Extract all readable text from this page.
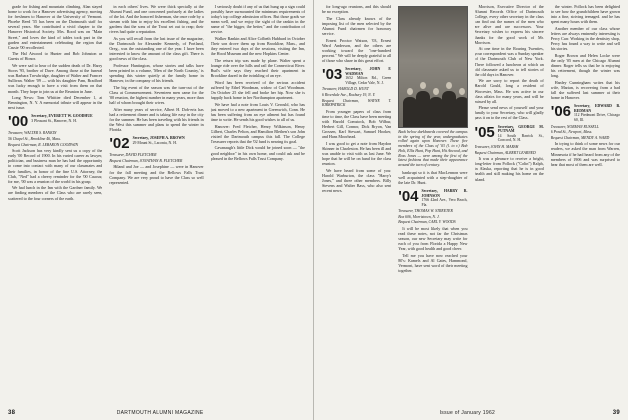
grade for fishing and mountain climbing. Alan stayed home to work for a Hanover advertising agency, moving for freshmen to Hanover at the University of Vermont. Phoebe Reed '55 has been on the Dartmouth staff for several years. She contributed a vivid chapter to the Hanover Historical Society. Mrs. Rood was on "Main Street," and loves the kind of tables took part in the garden and entertainment celebrating the region that Cassie '00 recollected.

The Hal Atwood to Hunter and Bob Johnston as Guests of Honor.

We were sad to hear of the sudden death of Dr. Harry Storrs '95, brother of Dave. Among those at the funeral was Barbara Trowbridge, daughter of Walter and Frances Sullivan. Walter '09 — with his daughter Pam, Bradford was lucky enough to have a visit from them on that month. They hope to join us at the Reunion in June.

Long News: Tom Whittier died December 1, at Bennington, N. Y. A memorial tribute will appear in the next issue.

'00 Secretary, EVERETT W. GOODHUE
3 Pleasant St., Hanover, N. H.
Treasurer, WALTER S. RANKIN
56 Chapel St., Brookline 46, Mass.
Bequest Chairman, R. LEBARON GOODWIN

Scott Jackson has very kindly sent us a copy of the early '00 Record of 1900. In his varied career as lawyer, politician, and business man he has had the opportunity to come into contact with many of our classmates and their families, in honor of the fine U.S. Attorney, the Club, "Ned" had a cheery reminder for the '00 Caucus; for me, '00 was a reunion of the world in his grasp.

We had lunch in the Inn with the Gardner family. We are finding members of the Class who are rarely seen, scattered to the four corners of the earth.

in each others' lives. We were thick specially at the Alumni Fund, and one concerned profusely at the ladies of the lot. And the honored fisherman, she once rode by a stream with him to enjoy his excellent fishing, and the gardens that the sons of the Trout set out to reap; their rivers had quite a reputation.

As you will recall from the last issue of the magazine, the Dartmouth for Alexander Kennedy, of Portland, Oreg., was the outstanding one of the year. I have been interested to know the amount of the class gift. There is good news of the class.

Professor Huntington, whose stories and talks have been printed in a volume, 'Men of the North Country,' is spending this winter quietly at the family home in Hanover, in the company of his friends.

The big event of the season was the turn-out of the Class at Commencement. Seventeen men came for the '00 reunion, the highest number in many years, more than half of whom brought their wives.

After many years of service, Albert H. Dob-ertz has had a retirement dinner and is taking life easy in the city for the summer. He has been traveling with his friends in the West this summer and plans to spend the winter in Florida.

'02 Secretary, JOSEPH A. BROWN
29 Mount St., Laconia, N. H.
Treasurer, DAVID FLETCHER
Bequest Chairman, JONATHAN B. FLETCHER

Hiland and Joe — and Josephine — were in Hanover for the fall meeting and the Bellows Falls Trust Company. We are very proud to have the Class so well represented.

I seriously doubt if any of us that hung up a sign could possibly have surmounted the minimum requirements of today's top college admission offices. But those grads we mean well, and we enjoy the sight of the rankin in the name of "the bigger, the better," and the contribution of service.

Walker Rankin and Alice Colbeth Hubbard in October Their son drove them up from Brookline, Mass., and they entered two days of the sessions, visiting the Inn, the Hood Museum and the new Hopkins Center.

The return trip was made by plane. Walter spent a lounge ride over the hills and rail the Connecticut River. Bud's wife says they reached their apartment in Brookline dazed in the twinkling of an eye.

Word has been received of the serious accident suffered by Ethel Woodman, widow of Carl Woodman. On October 25 she fell and broke her hip. Now she is happily back home in her Northampton apartment.

We have had a note from Louis V. Gerould, who has just moved to a new apartment in Greenwich, Conn. He has been suffering from an eye ailment but has found time to write. He sends his good wishes to all of us.

Hanover: Fred Fletcher, Henry Wilkinson, Henry Gilbert, Charles Pelton, and Hamilton Blethen's son John visited the Dartmouth campus this fall. The College Treasurer reports that the '02 fund is nearing its goal.

Cavanaugh's little Dick would be joined soon — "the good neighbor" in his own home, and could ask and be pleased in the Bellows Falls Trust Company.

38	DARTMOUTH ALUMNI MAGAZINE

for long-ago reunions, and this should be no exception.

The Class already knows of the imposing list of the men selected by the Alumni Fund chairmen for honorary service.

Ernest Proctor Watson, '03, Ernest Ward Anderson, and the others are working toward the "one-hundred percent." We will be deeply grateful to all of those who share in this great effort.

'03 Secretary, JOHN F. WADMAN
1652 Milton Rd., Green Village, Cedar Vale, N. J.
Treasurer, HAROLD D. HUNT
6 Riverdale Ave., Roxbury 19, N. Y.
Bequest Chairman, WAYNE T. KIRKPATRICK

From younger papers of class from time to time, the Class have been meeting with Harold Comstock, Bob Wilbur, Herbert Gill, Connor, Dick Bryon, Van Grossen, Karl Stewart, Samuel Hooker, and Hans Moorhead.

I was good to get a note from Haydon Skinner in Charleston. He has been ill and was unable to visit with us last June. We hope that he will be on hand for the class reunion.

We have heard from some of you: Harold Warburton, the class "Harry's Jones," and three other members. Billy Stevens and Walter Bass, who also sent recent news.

Back below darkbeards covered the campus in the spring of the year, undergraduates rolled again upon Hanover. These five members of the Class of '03 (l. to r.) Bob Holt, Ellis Hunt, Pop Hunt, Hit Atwood, and Ross Jones — were among the first of the latest fashions that made their appearance around the turn of century.

bankrupt so it is that MacLennon were well acquainted with a step-daughter of the late Dr. Hunt.

'04 Secretary, HARRY R. JOHNSON
1766 42nd Ave., Vero Beach, Fla.
Treasurer, THOMAS W. STREETER
Box 606, Morristown, N. J.
Bequest Chairman, CARL V. WOODS

It will be most likely that when you read these notes, not far the Christmas season, our new Secretary may write for each of you from Florida a Happy New Year, with good health and good cheer.

Tell me you have now reached your 80's: Kamels and Al Gates, Hammond, Vermont, have sent word of their meeting together.

Morrison, Executive Director of the Alumni Records Office of Dartmouth College, every other secretary in the class can find out the names of the men who are alive and are successors. Your Secretary wishes to express his sincere thanks for the good work of Mr. Morrison.

At one time in the Roaring Twenties, your correspondent was a Sunday speaker of the Dartmouth Club of New York. There followed a luncheon at which an old classmate asked us to tell stories of the old days in Hanover.

We are sorry to report the death of Harold Gould, long a resident of Worcester, Mass. He was active in our class affairs for many years, and will be missed by all.

Please send news of yourself and your family to your Secretary, who will gladly pass it on to the rest of the Class.

'05 Secretary, GEORGE M. PUTNAM
14 South Barrick St., Concord, N. H.
Treasurer, JOHN H. MARSH
Bequest Chairman, ALBERT LEARNED

It was a pleasure to receive a bright, long-letter from Pollock ("Colin") Ralph, in Alaska, reporting that he is in good health and still making his home on the island.

the winter. Pollock has been delighted to see how the grandchildren have grown into a fine, striving teenaged. and he has spent many hours with them.

Another member of our class whose letters are always eminently interesting is Percy Carr. Working in the dentistry shop, Percy has found a way to write and sell his stories.

Roger Brown and Helen Locke were the only '05 men at the Chicago Alumni dinner. Roger tells us that he is enjoying his retirement, though the winter was long.

Hanley Cunningham writes that his wife, Marian, is recovering from a bad fall she suffered last summer at their home in Hanover.

'06 Secretary, EDWARD B. REDMAN
112 Piedmont Drive, Chicago 60, Ill.
Treasurer, NORMAN RUSSELL
6 Pond St., Newport, Mass.
Bequest Chairman, MENDY A. WARD

In trying to think of some news for our readers, we asked the man from Warren, Minnesota if he had heard from any of the members of 1906 and was surprised to hear that most of them are well.

Issue of January 1962	39
